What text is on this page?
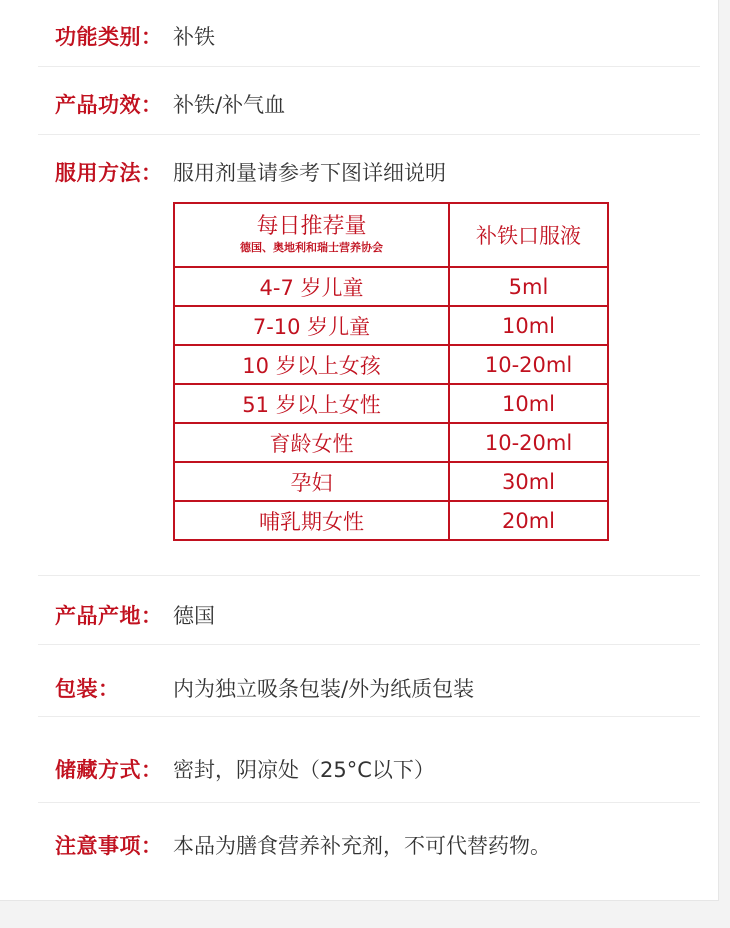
功能类别： 补铁
产品功效： 补铁/补气血
服用方法： 服用剂量请参考下图详细说明
每日推荐量
德国、奥地利和瑞士营养协会	补铁口服液
4-7 岁儿童	5ml
7-10 岁儿童	10ml
10 岁以上女孩	10-20ml
51 岁以上女性	10ml
育龄女性	10-20ml
孕妇	30ml
哺乳期女性	20ml
产品产地： 德国
包装：	内为独立吸条包装/外为纸质包装
储藏方式： 密封，阴凉处（25°C以下）
注意事项： 本品为膳食营养补充剂，不可代替药物。
